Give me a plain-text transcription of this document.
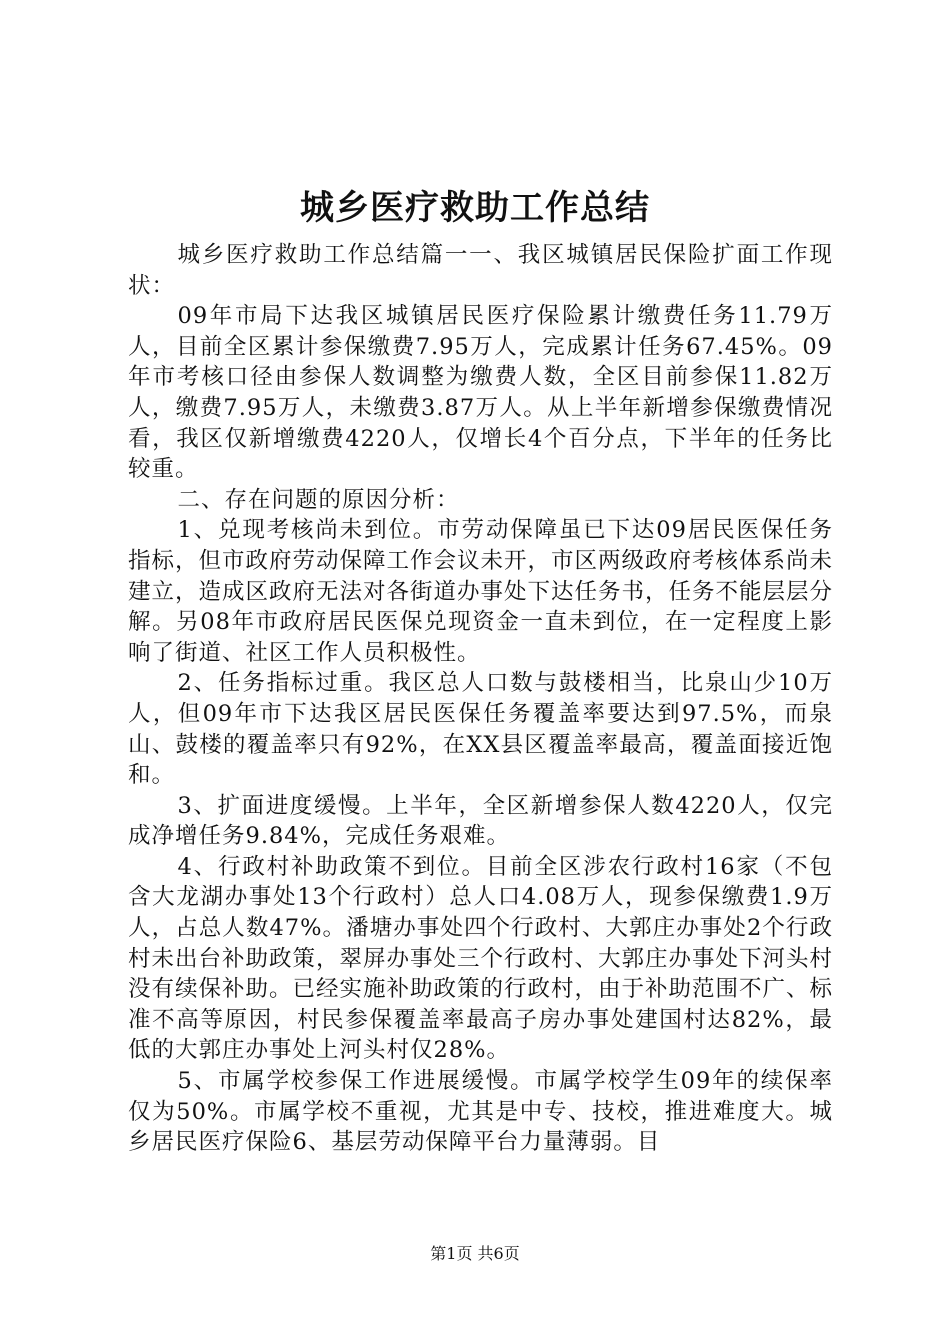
城乡医疗救助工作总结

城乡医疗救助工作总结篇一一、我区城镇居民保险扩面工作现状：

09年市局下达我区城镇居民医疗保险累计缴费任务11.79万人，目前全区累计参保缴费7.95万人，完成累计任务67.45%。09年市考核口径由参保人数调整为缴费人数，全区目前参保11.82万人，缴费7.95万人，未缴费3.87万人。从上半年新增参保缴费情况看，我区仅新增缴费4220人，仅增长4个百分点，下半年的任务比较重。

二、存在问题的原因分析：

1、兑现考核尚未到位。市劳动保障虽已下达09居民医保任务指标，但市政府劳动保障工作会议未开，市区两级政府考核体系尚未建立，造成区政府无法对各街道办事处下达任务书，任务不能层层分解。另08年市政府居民医保兑现资金一直未到位，在一定程度上影响了街道、社区工作人员积极性。

2、任务指标过重。我区总人口数与鼓楼相当，比泉山少10万人，但09年市下达我区居民医保任务覆盖率要达到97.5%，而泉山、鼓楼的覆盖率只有92%，在XX县区覆盖率最高，覆盖面接近饱和。

3、扩面进度缓慢。上半年，全区新增参保人数4220人，仅完成净增任务9.84%，完成任务艰难。

4、行政村补助政策不到位。目前全区涉农行政村16家（不包含大龙湖办事处13个行政村）总人口4.08万人，现参保缴费1.9万人，占总人数47%。潘塘办事处四个行政村、大郭庄办事处2个行政村未出台补助政策，翠屏办事处三个行政村、大郭庄办事处下河头村没有续保补助。已经实施补助政策的行政村，由于补助范围不广、标准不高等原因，村民参保覆盖率最高子房办事处建国村达82%，最低的大郭庄办事处上河头村仅28%。

5、市属学校参保工作进展缓慢。市属学校学生09年的续保率仅为50%。市属学校不重视，尤其是中专、技校，推进难度大。城乡居民医疗保险6、基层劳动保障平台力量薄弱。目

第1页 共6页
